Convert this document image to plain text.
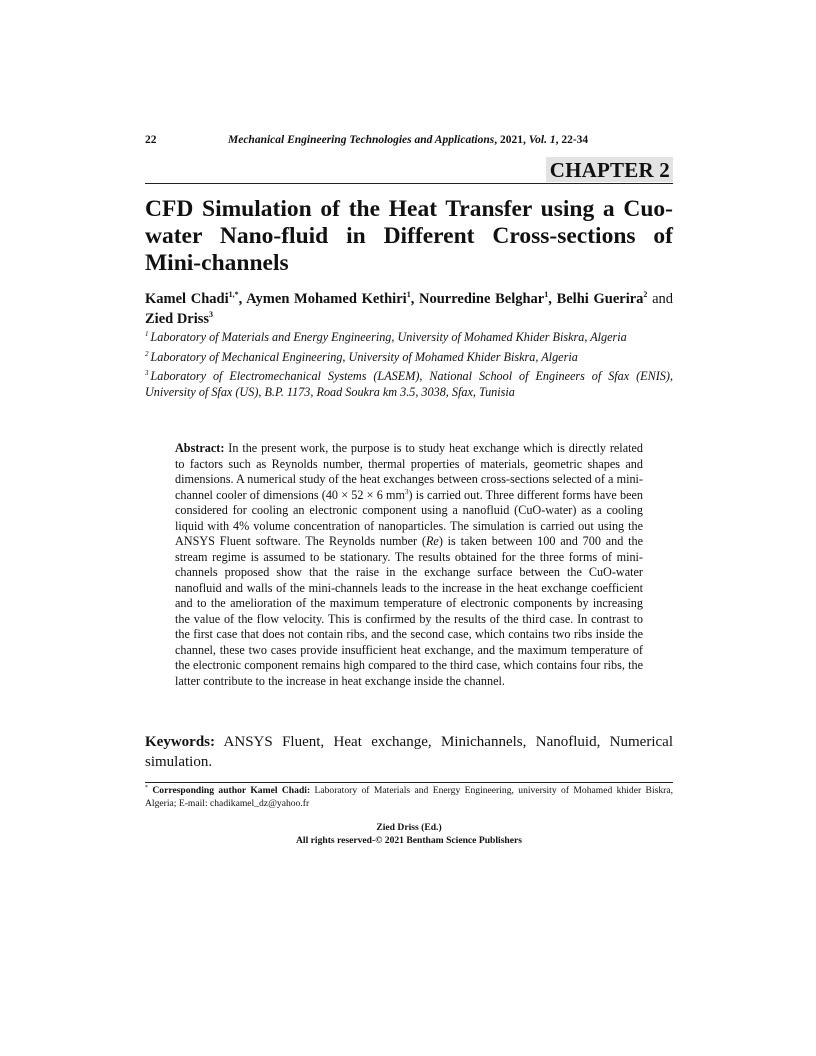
22	Mechanical Engineering Technologies and Applications, 2021, Vol. 1, 22-34
CHAPTER 2
CFD Simulation of the Heat Transfer using a Cuo-water Nano-fluid in Different Cross-sections of Mini-channels
Kamel Chadi$^{1,*}$, Aymen Mohamed Kethiri$^1$, Nourredine Belghar$^1$, Belhi Guerira$^2$ and Zied Driss$^3$
$^1$ Laboratory of Materials and Energy Engineering, University of Mohamed Khider Biskra, Algeria
$^2$ Laboratory of Mechanical Engineering, University of Mohamed Khider Biskra, Algeria
$^3$ Laboratory of Electromechanical Systems (LASEM), National School of Engineers of Sfax (ENIS), University of Sfax (US), B.P. 1173, Road Soukra km 3.5, 3038, Sfax, Tunisia
Abstract: In the present work, the purpose is to study heat exchange which is directly related to factors such as Reynolds number, thermal properties of materials, geometric shapes and dimensions. A numerical study of the heat exchanges between cross-sections selected of a mini-channel cooler of dimensions (40 × 52 × 6 $mm^3$) is carried out. Three different forms have been considered for cooling an electronic component using a nanofluid (CuO-water) as a cooling liquid with 4% volume concentration of nanoparticles. The simulation is carried out using the ANSYS Fluent software. The Reynolds number (Re) is taken between 100 and 700 and the stream regime is assumed to be stationary. The results obtained for the three forms of mini-channels proposed show that the raise in the exchange surface between the CuO-water nanofluid and walls of the mini-channels leads to the increase in the heat exchange coefficient and to the amelioration of the maximum temperature of electronic components by increasing the value of the flow velocity. This is confirmed by the results of the third case. In contrast to the first case that does not contain ribs, and the second case, which contains two ribs inside the channel, these two cases provide insufficient heat exchange, and the maximum temperature of the electronic component remains high compared to the third case, which contains four ribs, the latter contribute to the increase in heat exchange inside the channel.
Keywords: ANSYS Fluent, Heat exchange, Minichannels, Nanofluid, Numerical simulation.
* Corresponding author Kamel Chadi: Laboratory of Materials and Energy Engineering, university of Mohamed khider Biskra, Algeria; E-mail: chadikamel_dz@yahoo.fr
Zied Driss (Ed.)
All rights reserved-© 2021 Bentham Science Publishers
